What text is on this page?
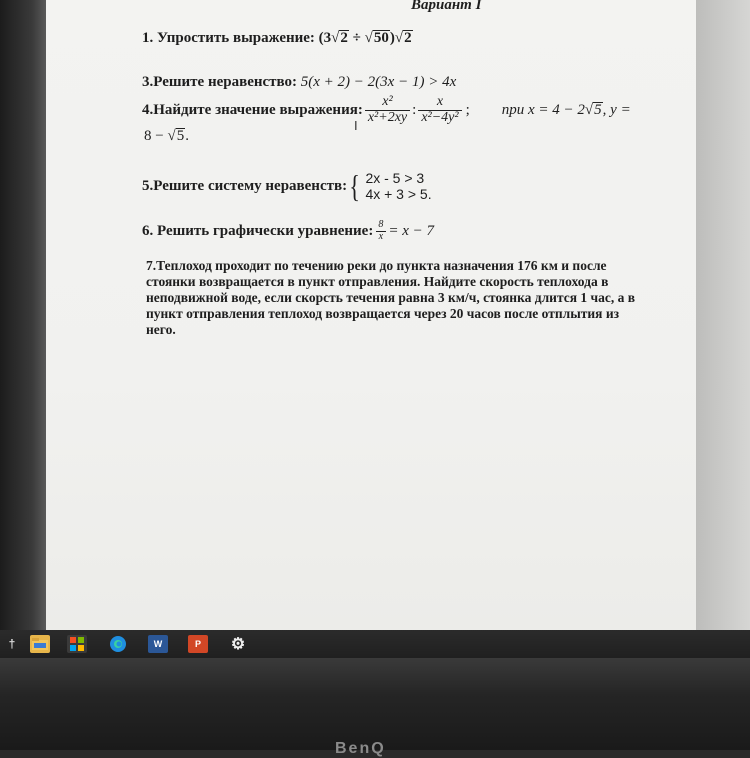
Вариант I
1. Упростить выражение: (3√2 ÷ √50)√2
3.Решите неравенство: 5(x + 2) − 2(3x − 1) > 4x
4.Найдите значение выражения: $\frac{\text{x²}}{\text{x²+2xy}}$ : $\frac{x}{\text{x²−4y²}}$ ; при x = 4 − 2√5, y =
I
8 − √5.
5.Решите систему неравенств: { 2x - 5 > 3
4x + 3 > 5.
6. Решить графически уравнение: $\frac{8}{x} = x - 7$
7.Теплоход проходит по течению реки до пункта назначения 176 км и после
стоянки возвращается в пункт отправления. Найдите скорость теплохода в
неподвижной воде, если скорсть течения равна 3 км/ч, стоянка длится 1 час, а в
пункт отправления теплоход возвращается через 20 часов после отплытия из
него.
†	W	P	⚙
BenQ
